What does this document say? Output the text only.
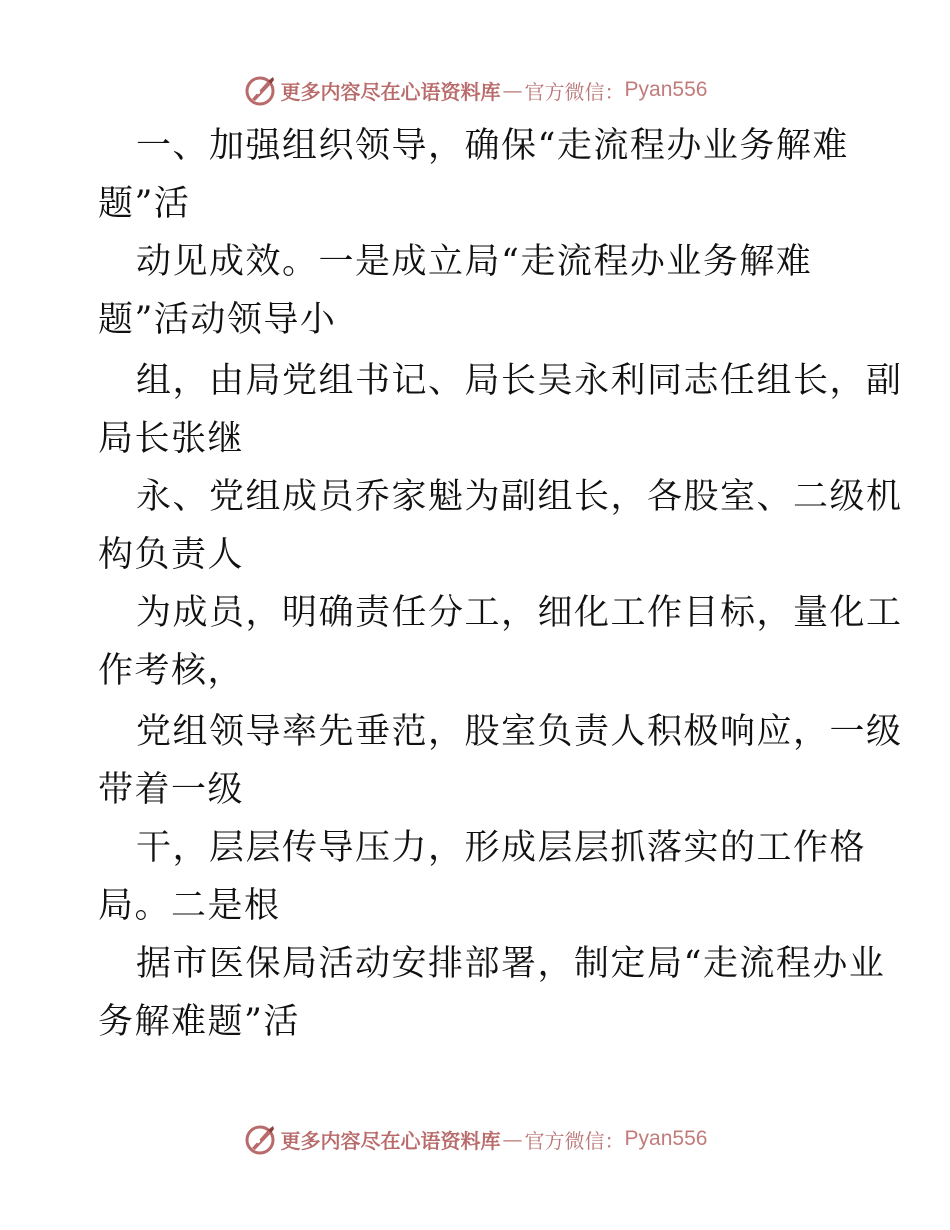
更多内容尽在心语资料库 — 官方微信： Pyan556
一、加强组织领导，确保“走流程办业务解难
题”活
动见成效。一是成立局“走流程办业务解难
题”活动领导小
组，由局党组书记、局长吴永利同志任组长，副
局长张继
永、党组成员乔家魁为副组长，各股室、二级机
构负责人
为成员，明确责任分工，细化工作目标，量化工
作考核，
党组领导率先垂范，股室负责人积极响应，一级
带着一级
干，层层传导压力，形成层层抓落实的工作格
局。二是根
据市医保局活动安排部署，制定局“走流程办业
务解难题”活
更多内容尽在心语资料库 — 官方微信： Pyan556
